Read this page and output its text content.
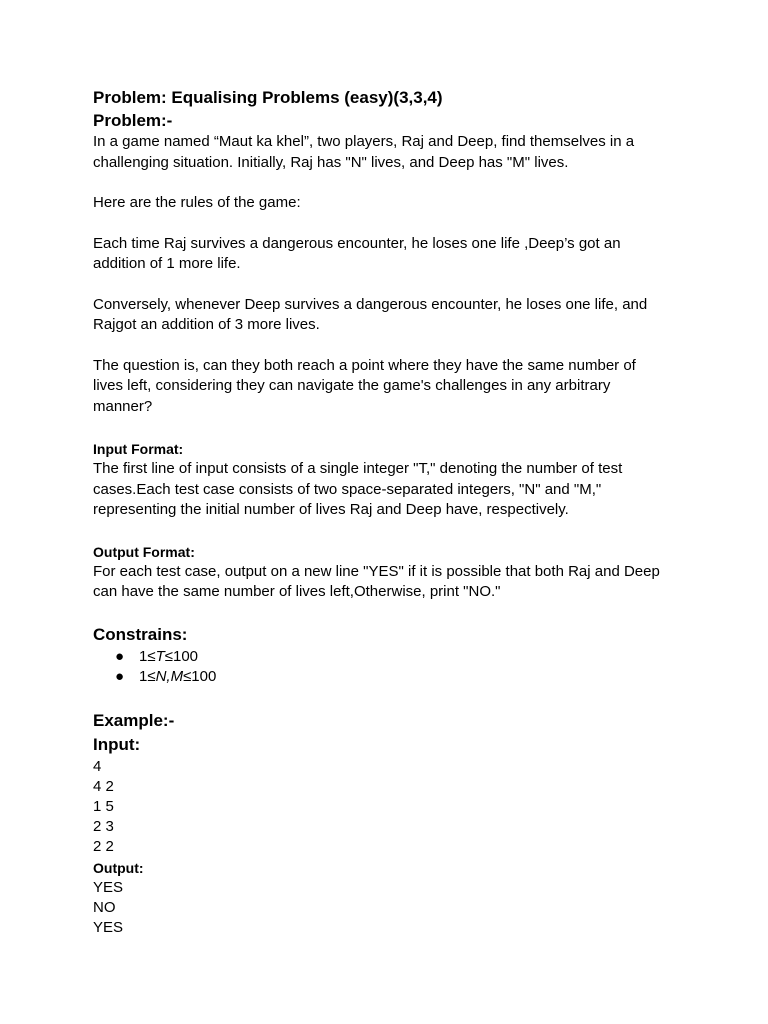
Problem: Equalising Problems (easy)(3,3,4)
Problem:-

In a game named “Maut ka khel”, two players, Raj and Deep, find themselves in a

challenging situation. Initially, Raj has "N" lives, and Deep has "M" lives.

Here are the rules of the game:

Each time Raj survives a dangerous encounter, he loses one life ,Deep’s got an

addition of 1 more life.

Conversely, whenever Deep survives a dangerous encounter, he loses one life, and

Rajgot an addition of 3 more lives.

The question is, can they both reach a point where they have the same number of

lives left, considering they can navigate the game's challenges in any arbitrary

manner?

Input Format:

The first line of input consists of a single integer "T," denoting the number of test

cases.Each test case consists of two space-separated integers, "N" and "M,"

representing the initial number of lives Raj and Deep have, respectively.

Output Format:

For each test case, output on a new line "YES" if it is possible that both Raj and Deep

can have the same number of lives left,Otherwise, print "NO."

Constrains:
● 1≤T≤100
● 1≤N,M≤100
Example:-
Input:

4

4 2

1 5

2 3

2 2

Output:

YES

NO

YES
